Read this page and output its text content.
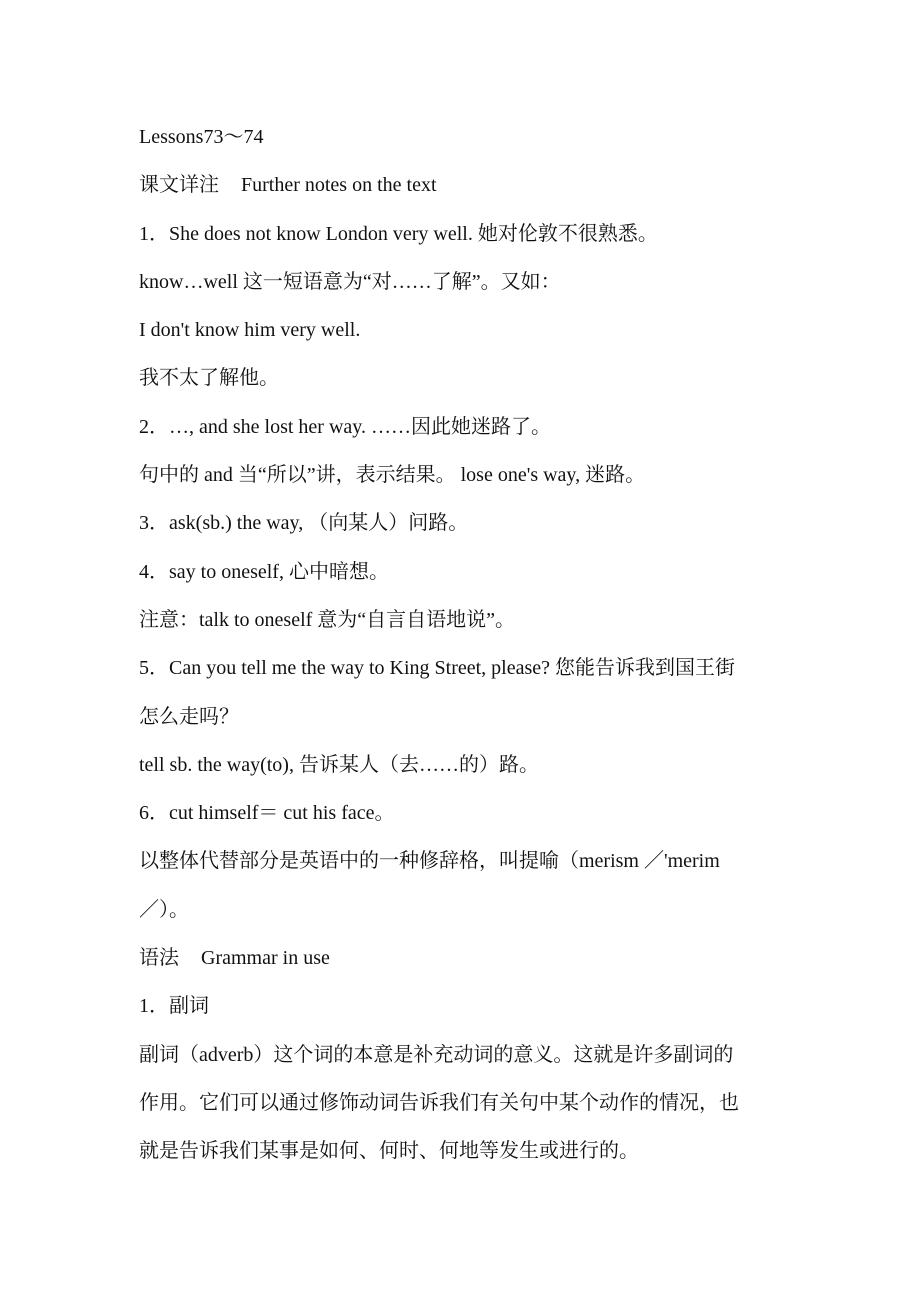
Lessons73～74
课文详注 Further notes on the text
1．She does not know London very well. 她对伦敦不很熟悉。
know…well 这一短语意为“对……了解”。又如：
I don't know him very well.
我不太了解他。
2．…, and she lost her way. ……因此她迷路了。
句中的 and 当“所以”讲，表示结果。 lose one's way, 迷路。
3．ask(sb.) the way, （向某人）问路。
4．say to oneself, 心中暗想。
注意：talk to oneself 意为“自言自语地说”。
5．Can you tell me the way to King Street, please? 您能告诉我到国王街
怎么走吗？
tell sb. the way(to), 告诉某人（去……的）路。
6．cut himself＝ cut his face。
以整体代替部分是英语中的一种修辞格，叫提喻（merism ／'merim
／）。
语法 Grammar in use
1．副词
副词（adverb）这个词的本意是补充动词的意义。这就是许多副词的
作用。它们可以通过修饰动词告诉我们有关句中某个动作的情况，也
就是告诉我们某事是如何、何时、何地等发生或进行的。
